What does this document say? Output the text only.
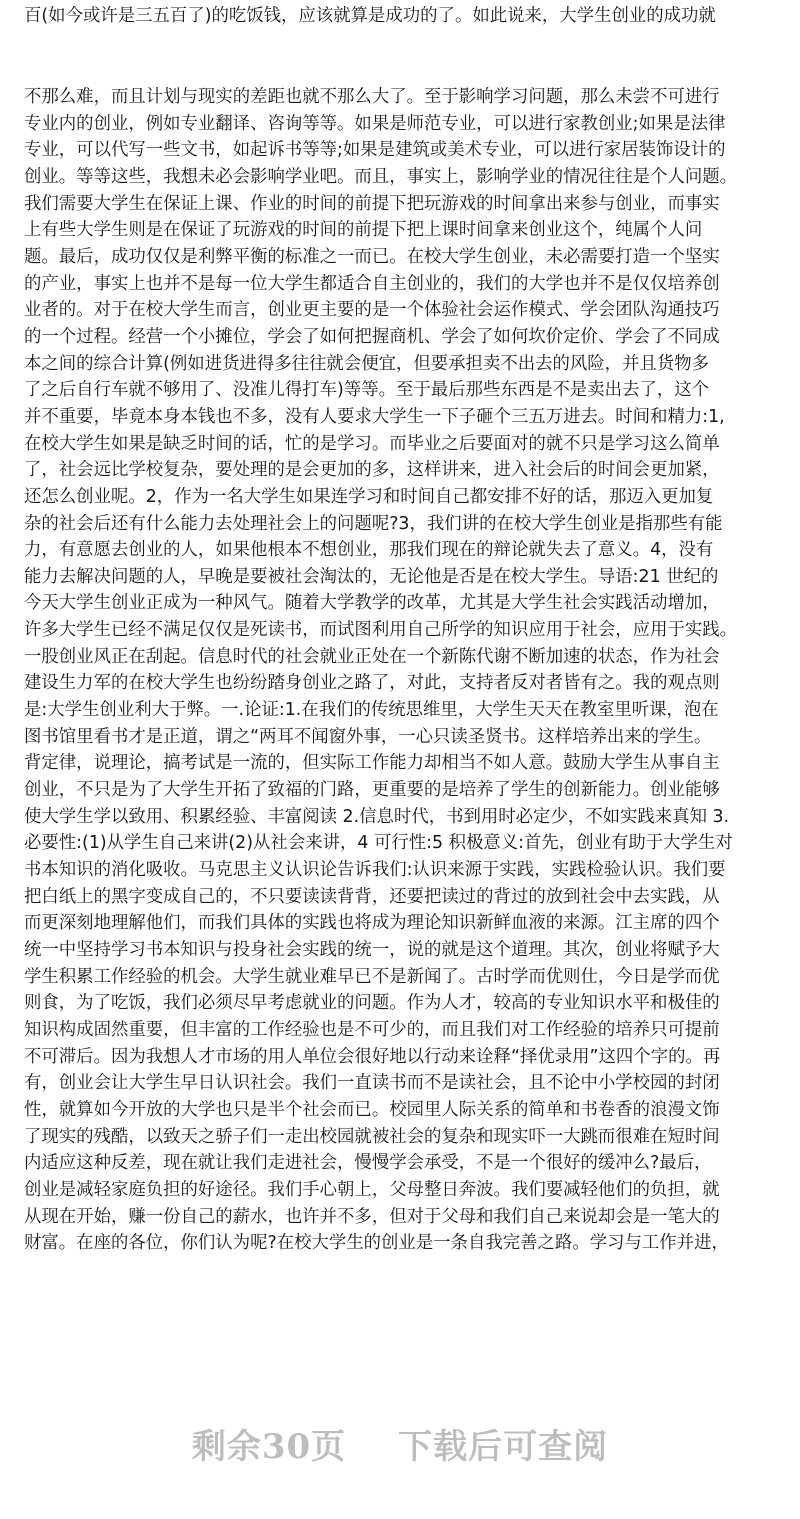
百(如今或许是三五百了)的吃饭钱，应该就算是成功的了。如此说来，大学生创业的成功就
不那么难，而且计划与现实的差距也就不那么大了。至于影响学习问题，那么未尝不可进行
专业内的创业，例如专业翻译、咨询等等。如果是师范专业，可以进行家教创业;如果是法律
专业，可以代写一些文书，如起诉书等等;如果是建筑或美术专业，可以进行家居装饰设计的
创业。等等这些，我想未必会影响学业吧。而且，事实上，影响学业的情况往往是个人问题。
我们需要大学生在保证上课、作业的时间的前提下把玩游戏的时间拿出来参与创业，而事实
上有些大学生则是在保证了玩游戏的时间的前提下把上课时间拿来创业这个，纯属个人问
题。最后，成功仅仅是利弊平衡的标准之一而已。在校大学生创业，未必需要打造一个坚实
的产业，事实上也并不是每一位大学生都适合自主创业的，我们的大学也并不是仅仅培养创
业者的。对于在校大学生而言，创业更主要的是一个体验社会运作模式、学会团队沟通技巧
的一个过程。经营一个小摊位，学会了如何把握商机、学会了如何坎价定价、学会了不同成
本之间的综合计算(例如进货进得多往往就会便宜，但要承担卖不出去的风险，并且货物多
了之后自行车就不够用了、没准儿得打车)等等。至于最后那些东西是不是卖出去了，这个
并不重要，毕竟本身本钱也不多，没有人要求大学生一下子砸个三五万进去。时间和精力:1,
在校大学生如果是缺乏时间的话，忙的是学习。而毕业之后要面对的就不只是学习这么简单
了，社会远比学校复杂，要处理的是会更加的多，这样讲来，进入社会后的时间会更加紧，
还怎么创业呢。2，作为一名大学生如果连学习和时间自己都安排不好的话，那迈入更加复
杂的社会后还有什么能力去处理社会上的问题呢?3，我们讲的在校大学生创业是指那些有能
力，有意愿去创业的人，如果他根本不想创业，那我们现在的辩论就失去了意义。4，没有
能力去解决问题的人，早晚是要被社会淘汰的，无论他是否是在校大学生。导语:21 世纪的
今天大学生创业正成为一种风气。随着大学教学的改革，尤其是大学生社会实践活动增加，
许多大学生已经不满足仅仅是死读书，而试图利用自己所学的知识应用于社会，应用于实践。
一股创业风正在刮起。信息时代的社会就业正处在一个新陈代谢不断加速的状态，作为社会
建设生力军的在校大学生也纷纷踏身创业之路了，对此，支持者反对者皆有之。我的观点则
是:大学生创业利大于弊。一.论证:1.在我们的传统思维里，大学生天天在教室里听课，泡在
图书馆里看书才是正道，谓之“两耳不闻窗外事，一心只读圣贤书。这样培养出来的学生。
背定律，说理论，搞考试是一流的，但实际工作能力却相当不如人意。鼓励大学生从事自主
创业，不只是为了大学生开拓了致福的门路，更重要的是培养了学生的创新能力。创业能够
使大学生学以致用、积累经验、丰富阅读 2.信息时代，书到用时必定少，不如实践来真知 3.
必要性:(1)从学生自己来讲(2)从社会来讲，4 可行性:5 积极意义:首先，创业有助于大学生对
书本知识的消化吸收。马克思主义认识论告诉我们:认识来源于实践，实践检验认识。我们要
把白纸上的黑字变成自己的，不只要读读背背，还要把读过的背过的放到社会中去实践，从
而更深刻地理解他们，而我们具体的实践也将成为理论知识新鲜血液的来源。江主席的四个
统一中坚持学习书本知识与投身社会实践的统一，说的就是这个道理。其次，创业将赋予大
学生积累工作经验的机会。大学生就业难早已不是新闻了。古时学而优则仕，今日是学而优
则食，为了吃饭，我们必须尽早考虑就业的问题。作为人才，较高的专业知识水平和极佳的
知识构成固然重要，但丰富的工作经验也是不可少的，而且我们对工作经验的培养只可提前
不可滞后。因为我想人才市场的用人单位会很好地以行动来诠释“择优录用”这四个字的。再
有，创业会让大学生早日认识社会。我们一直读书而不是读社会，且不论中小学校园的封闭
性，就算如今开放的大学也只是半个社会而已。校园里人际关系的简单和书卷香的浪漫文饰
了现实的残酷，以致天之骄子们一走出校园就被社会的复杂和现实吓一大跳而很难在短时间
内适应这种反差，现在就让我们走进社会，慢慢学会承受，不是一个很好的缓冲么?最后，
创业是减轻家庭负担的好途径。我们手心朝上，父母整日奔波。我们要减轻他们的负担，就
从现在开始，赚一份自己的薪水，也许并不多，但对于父母和我们自己来说却会是一笔大的
财富。在座的各位，你们认为呢?在校大学生的创业是一条自我完善之路。学习与工作并进，
剩余30页 下载后可查阅
